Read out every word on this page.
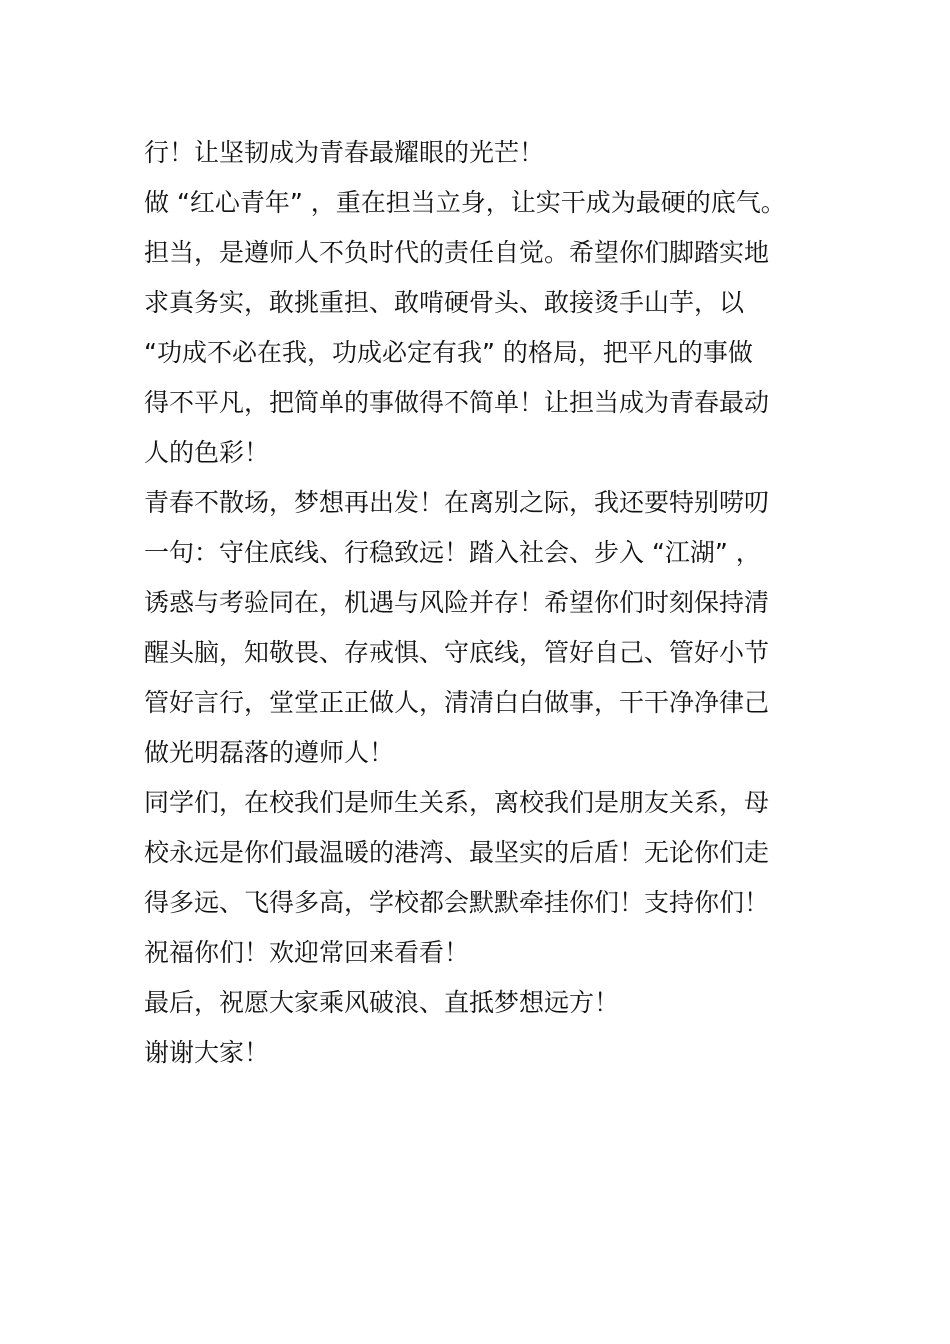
行！让坚韧成为青春最耀眼的光芒！
做 “红心青年” ，重在担当立身，让实干成为最硬的底气。
担当，是遵师人不负时代的责任自觉。希望你们脚踏实地
求真务实，敢挑重担、敢啃硬骨头、敢接烫手山芋，以
“功成不必在我，功成必定有我” 的格局，把平凡的事做
得不平凡，把简单的事做得不简单！让担当成为青春最动
人的色彩！
青春不散场，梦想再出发！在离别之际，我还要特别唠叨
一句：守住底线、行稳致远！踏入社会、步入 “江湖” ，
诱惑与考验同在，机遇与风险并存！希望你们时刻保持清
醒头脑，知敬畏、存戒惧、守底线，管好自己、管好小节
管好言行，堂堂正正做人，清清白白做事，干干净净律己
做光明磊落的遵师人！
同学们，在校我们是师生关系，离校我们是朋友关系，母
校永远是你们最温暖的港湾、最坚实的后盾！无论你们走
得多远、飞得多高，学校都会默默牵挂你们！支持你们！
祝福你们！欢迎常回来看看！
最后，祝愿大家乘风破浪、直抵梦想远方！
谢谢大家！
